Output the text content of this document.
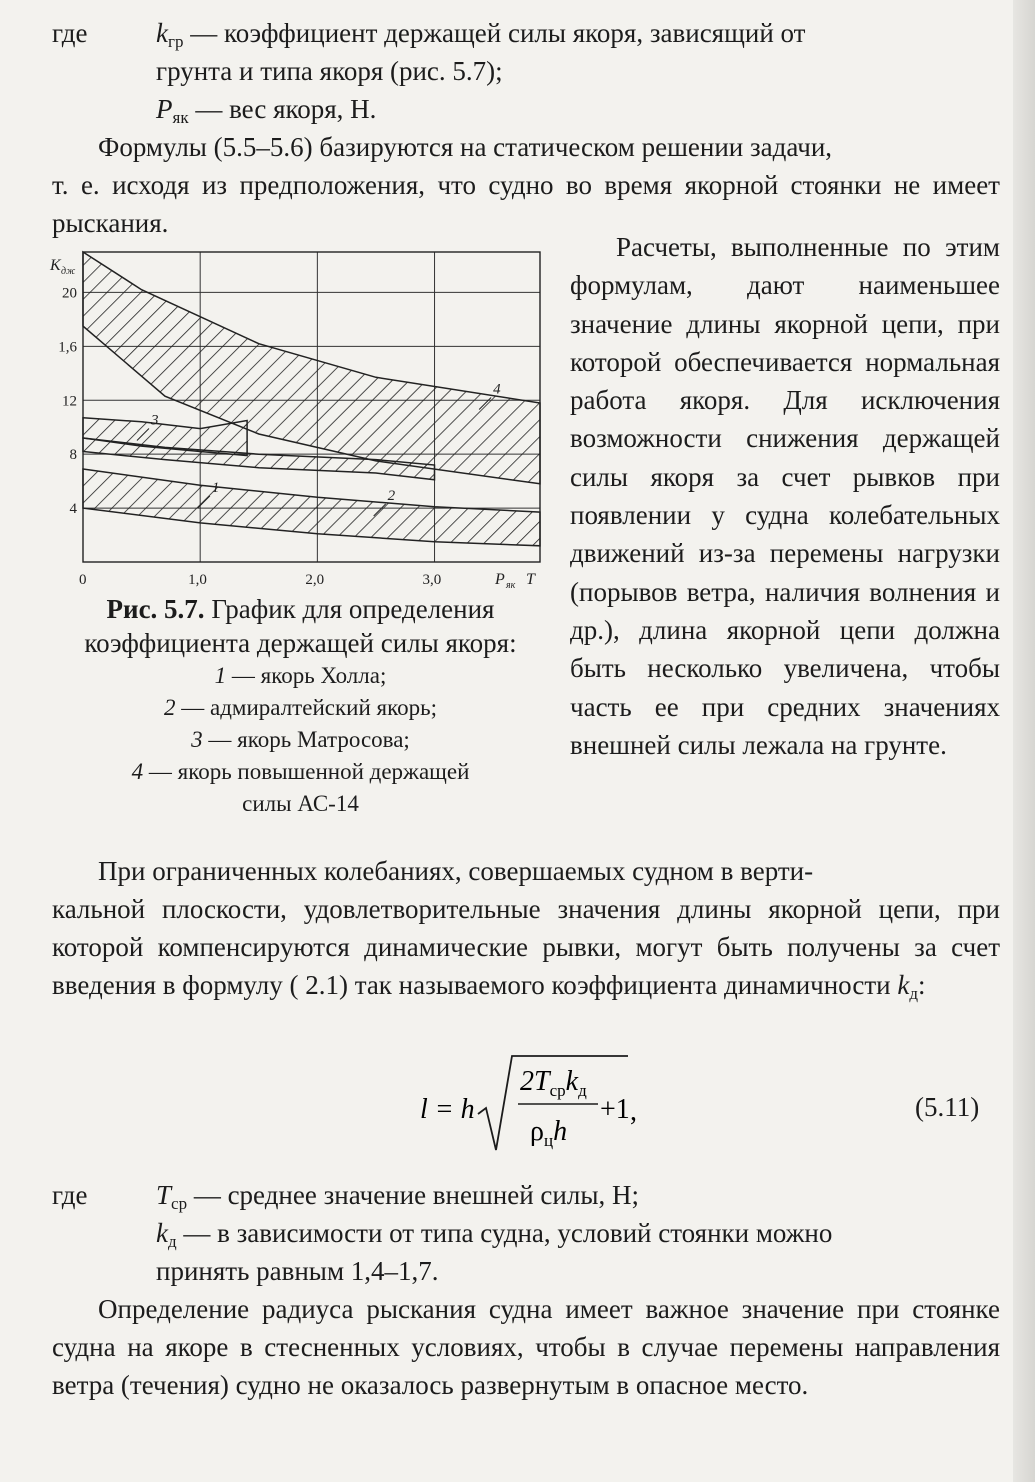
где	$k_{гр}$ — коэффициент держащей силы якоря, зависящий от
грунта и типа якоря (рис. 5.7);
$P_{як}$ — вес якоря, Н.
Формулы (5.5–5.6) базируются на статическом решении задачи,
т. е. исходя из предположения, что судно во время якорной стоянки не имеет рыскания.
1
2
3
4
0	1,0	2,0	3,0
4
8
12
1,6
20
K дж
P як T
Рис. 5.7. График для определения коэффициента держащей силы якоря:
1 — якорь Холла;
2 — адмиралтейский якорь;
3 — якорь Матросова;
4 — якорь повышенной держащей
силы АС-14
Расчеты, выполненные по этим формулам, дают наименьшее значение длины якорной цепи, при которой обеспечивается нормальная работа якоря. Для исключения возможности снижения держащей силы якоря за счет рывков при появлении у судна колебательных движений из-за перемены нагрузки (порывов ветра, наличия волнения и др.), длина якорной цепи должна быть несколько увеличена, чтобы часть ее при средних значениях внешней силы лежала на грунте.
При ограниченных колебаниях, совершаемых судном в верти-
кальной плоскости, удовлетворительные значения длины якорной цепи, при которой компенсируются динамические рывки, могут быть получены за счет введения в формулу ( 2.1) так называемого коэффициента динамичности $k_д$:
l = h
$2T_{ср}k_д$
$\rho_цh$
+1 ,	(5.11)
где	$T_{ср}$ — среднее значение внешней силы, Н;
$k_д$ — в зависимости от типа судна, условий стоянки можно
принять равным 1,4–1,7.
Определение радиуса рыскания судна имеет важное значение при стоянке судна на якоре в стесненных условиях, чтобы в случае перемены направления ветра (течения) судно не оказалось развернутым в опасное место.
